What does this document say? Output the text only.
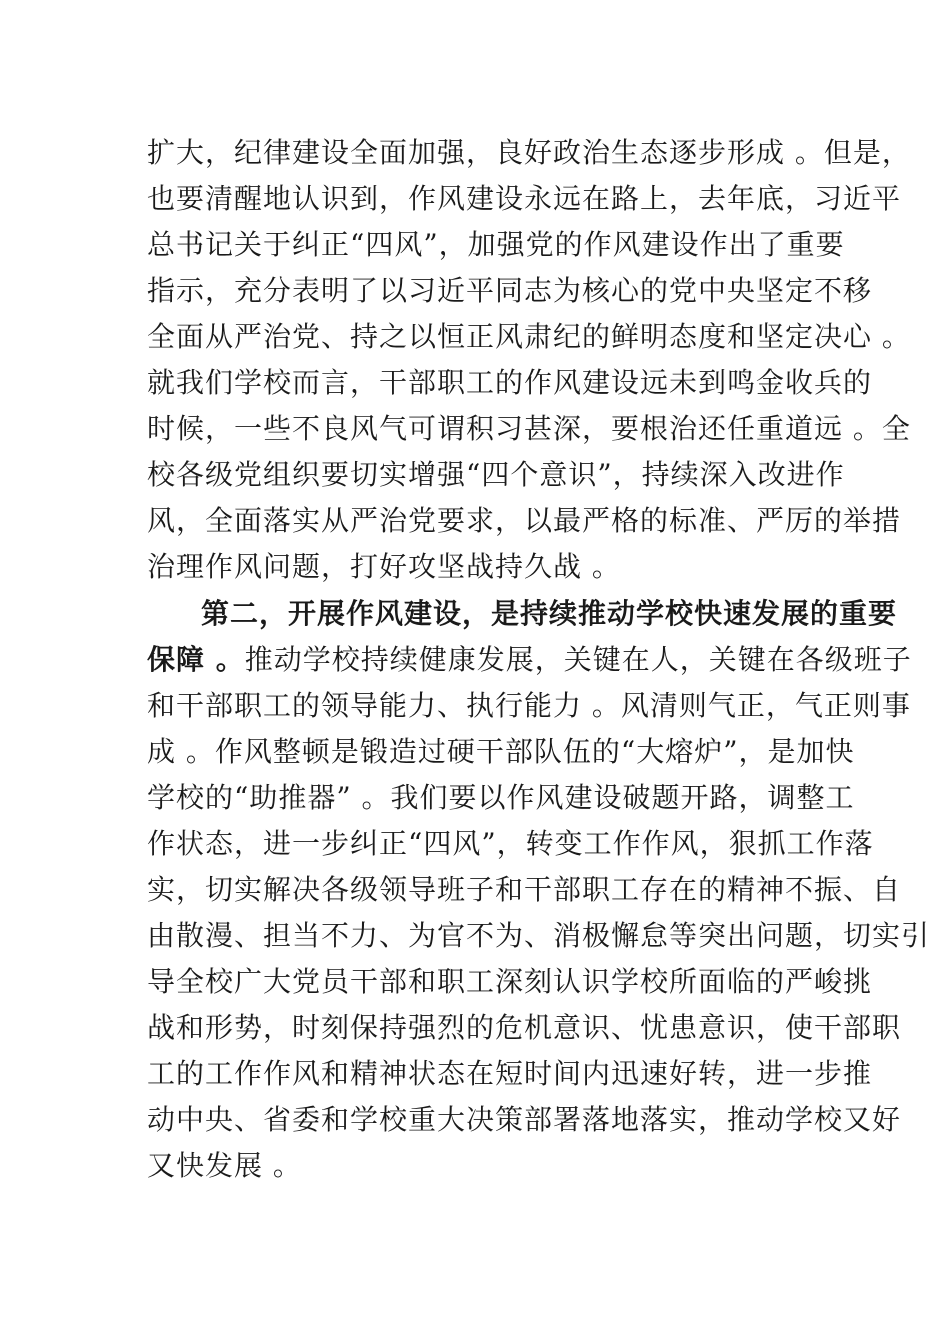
扩大，纪律建设全面加强，良好政治生态逐步形成 。但是，
也要清醒地认识到，作风建设永远在路上，去年底，习近平
总书记关于纠正“四风”，加强党的作风建设作出了重要
指示，充分表明了以习近平同志为核心的党中央坚定不移
全面从严治党、持之以恒正风肃纪的鲜明态度和坚定决心 。
就我们学校而言，干部职工的作风建设远未到鸣金收兵的
时候，一些不良风气可谓积习甚深，要根治还任重道远 。全
校各级党组织要切实增强“四个意识”，持续深入改进作
风，全面落实从严治党要求，以最严格的标准、严厉的举措
治理作风问题，打好攻坚战持久战 。
第二，开展作风建设，是持续推动学校快速发展的重要
保障 。推动学校持续健康发展，关键在人，关键在各级班子
和干部职工的领导能力、执行能力 。风清则气正，气正则事
成 。作风整顿是锻造过硬干部队伍的“大熔炉”，是加快
学校的“助推器” 。我们要以作风建设破题开路，调整工
作状态，进一步纠正“四风”，转变工作作风，狠抓工作落
实，切实解决各级领导班子和干部职工存在的精神不振、自
由散漫、担当不力、为官不为、消极懈怠等突出问题，切实引
导全校广大党员干部和职工深刻认识学校所面临的严峻挑
战和形势，时刻保持强烈的危机意识、忧患意识，使干部职
工的工作作风和精神状态在短时间内迅速好转，进一步推
动中央、省委和学校重大决策部署落地落实，推动学校又好
又快发展 。
